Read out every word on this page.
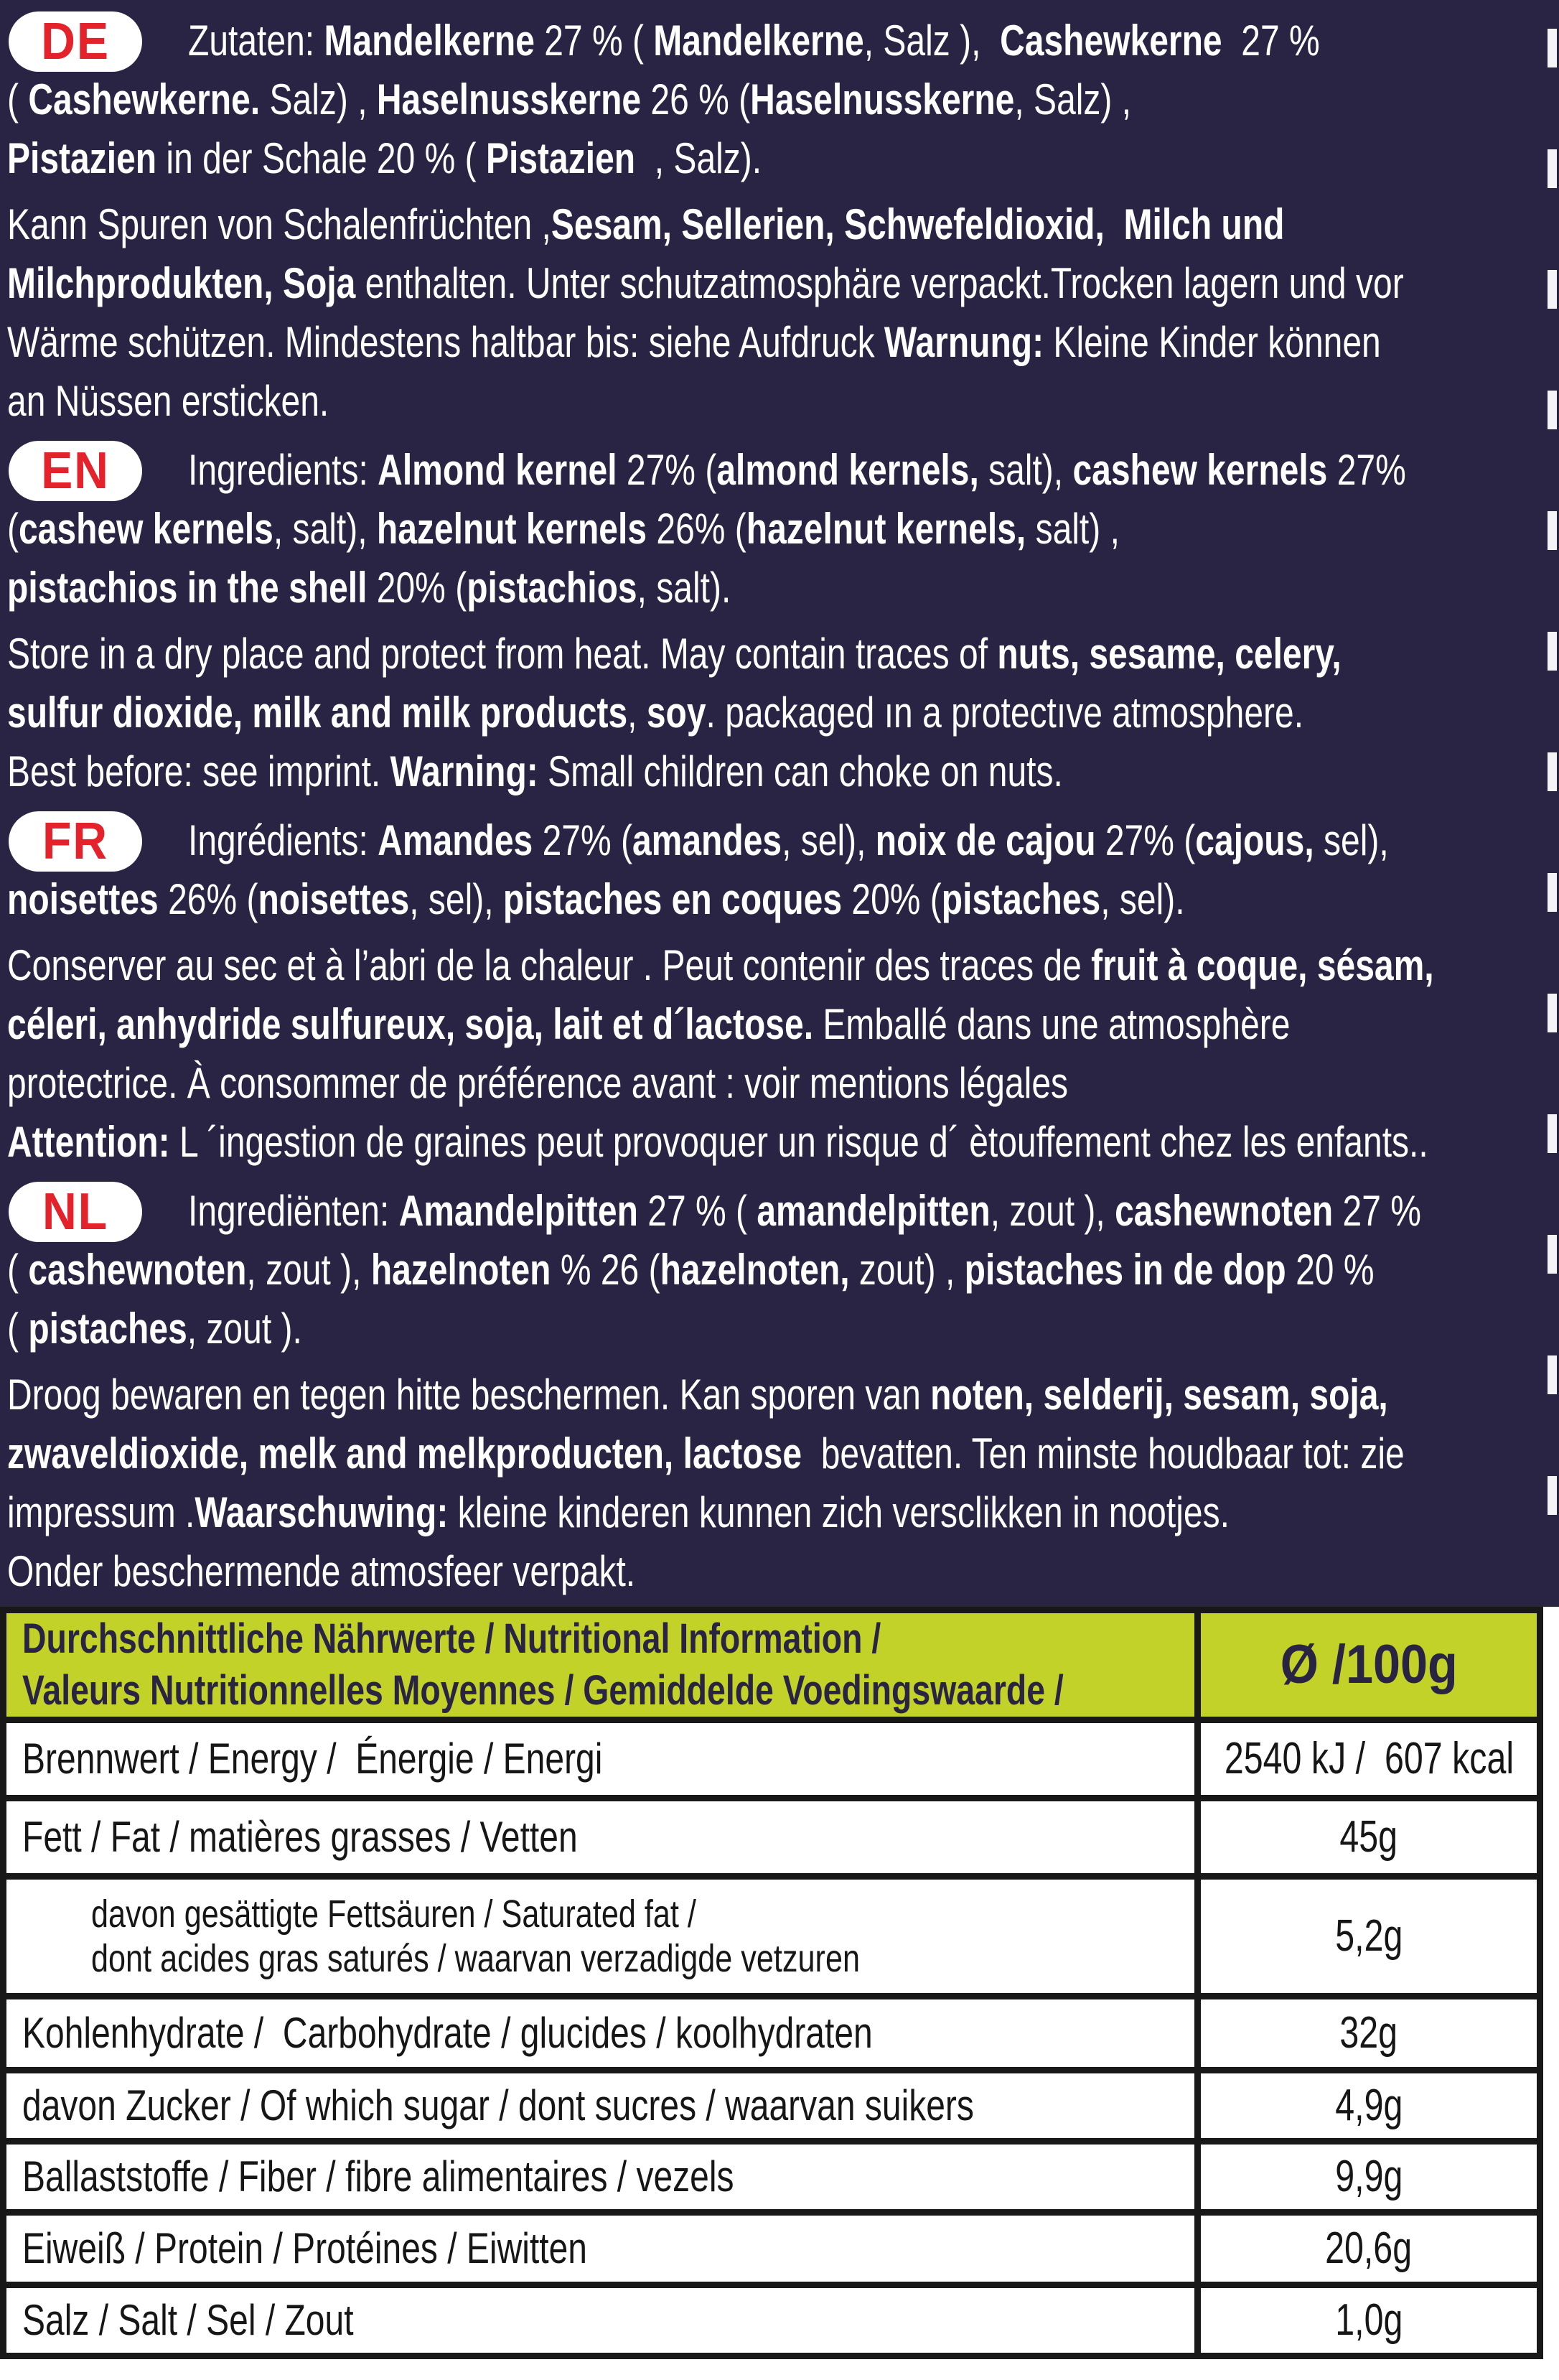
DE	Zutaten: Mandelkerne 27 % ( Mandelkerne, Salz ),  Cashewkerne  27 %
( Cashewkerne. Salz) , Haselnusskerne 26 % (Haselnusskerne, Salz) ,
Pistazien in der Schale 20 % ( Pistazien  , Salz).
Kann Spuren von Schalenfrüchten ,Sesam, Sellerien, Schwefeldioxid,  Milch und
Milchprodukten, Soja enthalten. Unter schutzatmosphäre verpackt.Trocken lagern und vor
Wärme schützen. Mindestens haltbar bis: siehe Aufdruck Warnung: Kleine Kinder können
an Nüssen ersticken.
EN	Ingredients: Almond kernel 27% (almond kernels, salt), cashew kernels 27%
(cashew kernels, salt), hazelnut kernels 26% (hazelnut kernels, salt) ,
pistachios in the shell 20% (pistachios, salt).
Store in a dry place and protect from heat. May contain traces of nuts, sesame, celery,
sulfur dioxide, milk and milk products, soy. packaged ın a protectıve atmosphere.
Best before: see imprint. Warning: Small children can choke on nuts.
FR	Ingrédients: Amandes 27% (amandes, sel), noix de cajou 27% (cajous, sel),
noisettes 26% (noisettes, sel), pistaches en coques 20% (pistaches, sel).
Conserver au sec et à l’abri de la chaleur . Peut contenir des traces de fruit à coque, sésam,
céleri, anhydride sulfureux, soja, lait et d´lactose. Emballé dans une atmosphère
protectrice. À consommer de préférence avant : voir mentions légales
Attention: L ´ingestion de graines peut provoquer un risque d´ ètouffement chez les enfants..
NL	Ingrediënten: Amandelpitten 27 % ( amandelpitten, zout ), cashewnoten 27 %
( cashewnoten, zout ), hazelnoten % 26 (hazelnoten, zout) , pistaches in de dop 20 %
( pistaches, zout ).
Droog bewaren en tegen hitte beschermen. Kan sporen van noten, selderij, sesam, soja,
zwaveldioxide, melk and melkproducten, lactose  bevatten. Ten minste houdbaar tot: zie
impressum .Waarschuwing: kleine kinderen kunnen zich versclikken in nootjes.
Onder beschermende atmosfeer verpakt.
Durchschnittliche Nährwerte / Nutritional Information /
Valeurs Nutritionnelles Moyennes / Gemiddelde Voedingswaarde /	Ø /100g
Brennwert / Energy /  Énergie / Energi	2540 kJ /  607 kcal
Fett / Fat / matières grasses / Vetten	45g
davon gesättigte Fettsäuren / Saturated fat /
dont acides gras saturés / waarvan verzadigde vetzuren	5,2g
Kohlenhydrate /  Carbohydrate / glucides / koolhydraten	32g
davon Zucker / Of which sugar / dont sucres / waarvan suikers	4,9g
Ballaststoffe / Fiber / fibre alimentaires / vezels	9,9g
Eiweiß / Protein / Protéines / Eiwitten	20,6g
Salz / Salt / Sel / Zout	1,0g
